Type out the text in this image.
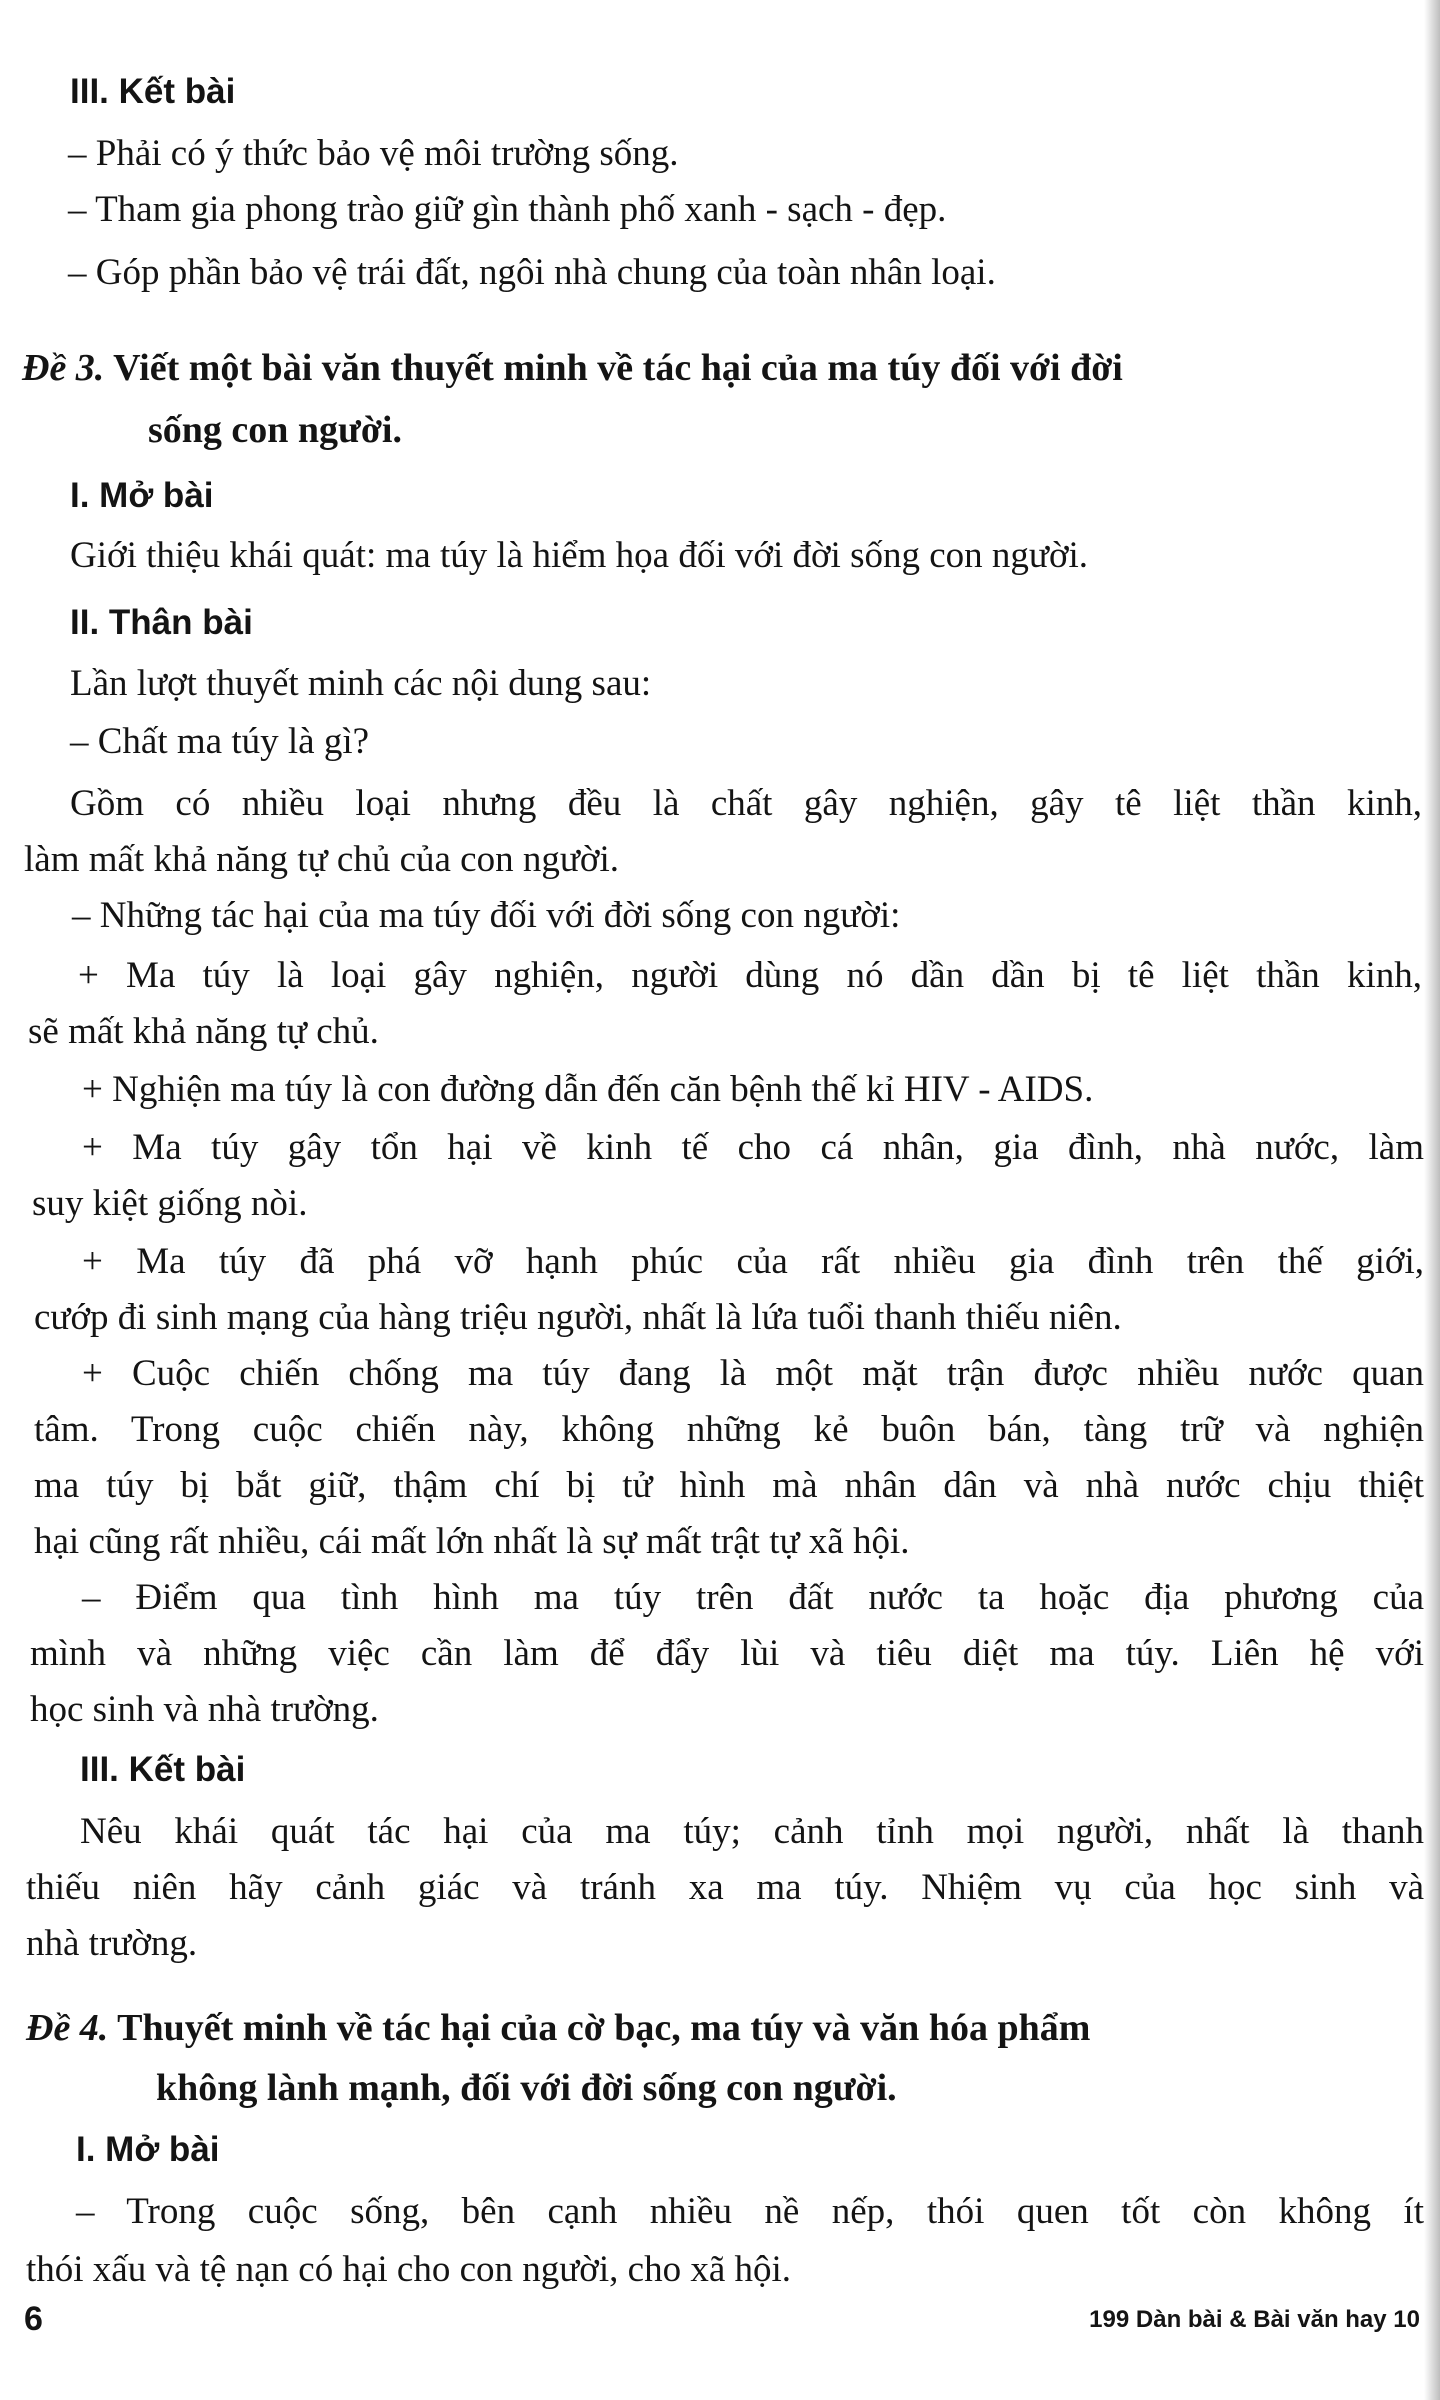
III. Kết bài
– Phải có ý thức bảo vệ môi trường sống.
– Tham gia phong trào giữ gìn thành phố xanh - sạch - đẹp.
– Góp phần bảo vệ trái đất, ngôi nhà chung của toàn nhân loại.
Đề 3. Viết một bài văn thuyết minh về tác hại của ma túy đối với đời
sống con người.
I. Mở bài
Giới thiệu khái quát: ma túy là hiểm họa đối với đời sống con người.
II. Thân bài
Lần lượt thuyết minh các nội dung sau:
– Chất ma túy là gì?
Gồm có nhiều loại nhưng đều là chất gây nghiện, gây tê liệt thần kinh,
làm mất khả năng tự chủ của con người.
– Những tác hại của ma túy đối với đời sống con người:
+ Ma túy là loại gây nghiện, người dùng nó dần dần bị tê liệt thần kinh,
sẽ mất khả năng tự chủ.
+ Nghiện ma túy là con đường dẫn đến căn bệnh thế kỉ HIV - AIDS.
+ Ma túy gây tổn hại về kinh tế cho cá nhân, gia đình, nhà nước, làm
suy kiệt giống nòi.
+ Ma túy đã phá vỡ hạnh phúc của rất nhiều gia đình trên thế giới,
cướp đi sinh mạng của hàng triệu người, nhất là lứa tuổi thanh thiếu niên.
+ Cuộc chiến chống ma túy đang là một mặt trận được nhiều nước quan
tâm. Trong cuộc chiến này, không những kẻ buôn bán, tàng trữ và nghiện
ma túy bị bắt giữ, thậm chí bị tử hình mà nhân dân và nhà nước chịu thiệt
hại cũng rất nhiều, cái mất lớn nhất là sự mất trật tự xã hội.
– Điểm qua tình hình ma túy trên đất nước ta hoặc địa phương của
mình và những việc cần làm để đẩy lùi và tiêu diệt ma túy. Liên hệ với
học sinh và nhà trường.
III. Kết bài
Nêu khái quát tác hại của ma túy; cảnh tỉnh mọi người, nhất là thanh
thiếu niên hãy cảnh giác và tránh xa ma túy. Nhiệm vụ của học sinh và
nhà trường.
Đề 4. Thuyết minh về tác hại của cờ bạc, ma túy và văn hóa phẩm
không lành mạnh, đối với đời sống con người.
I. Mở bài
– Trong cuộc sống, bên cạnh nhiều nề nếp, thói quen tốt còn không ít
thói xấu và tệ nạn có hại cho con người, cho xã hội.
6	199 Dàn bài & Bài văn hay 10
